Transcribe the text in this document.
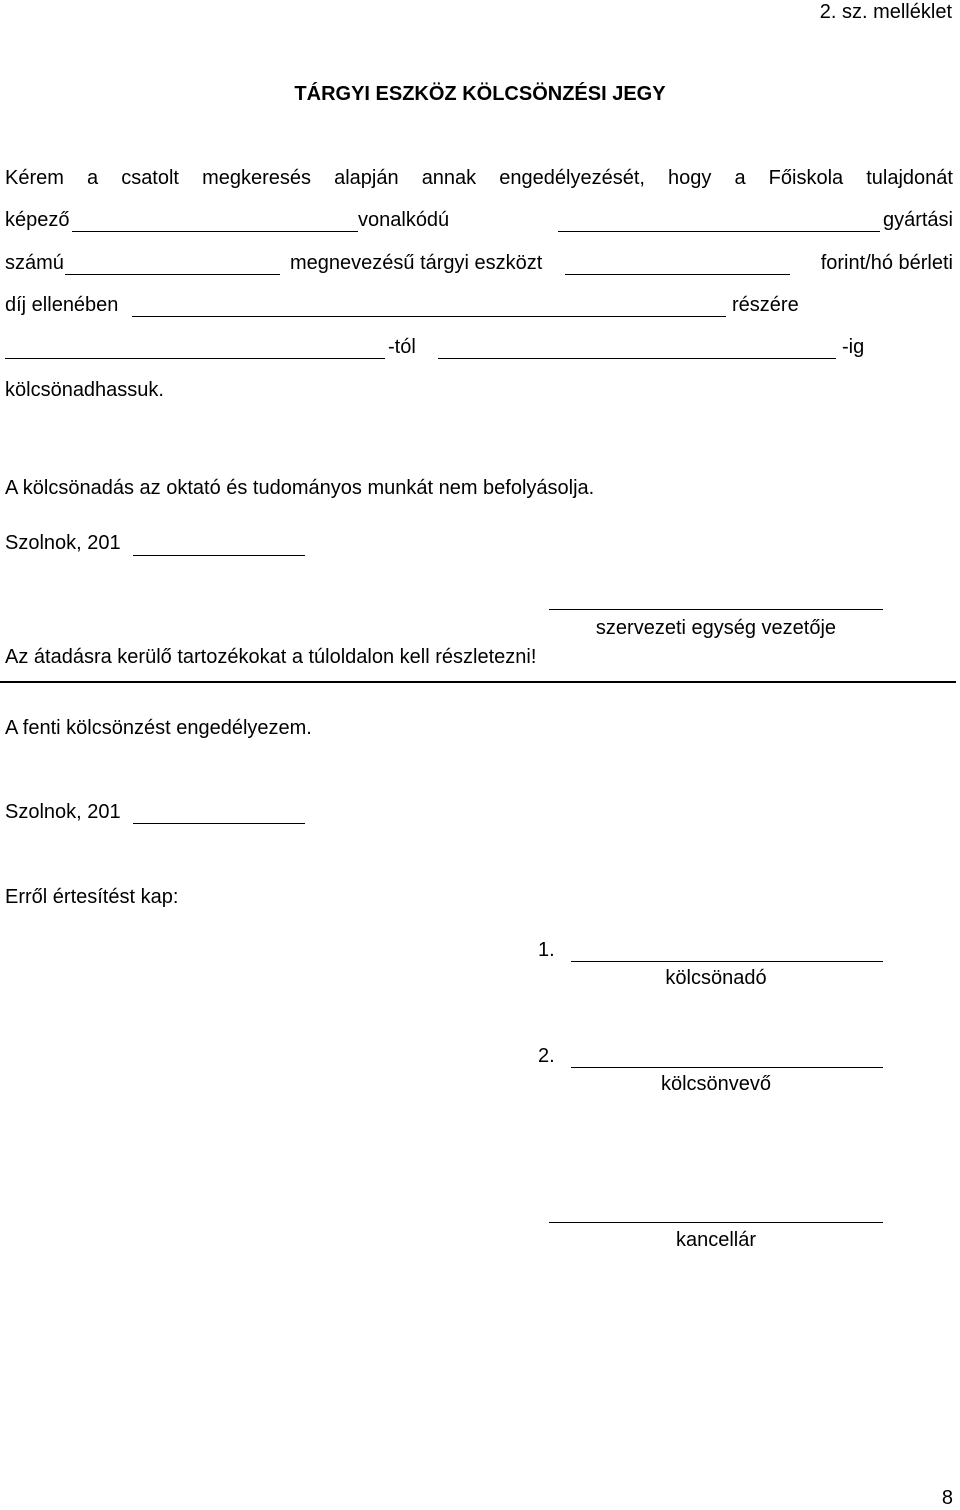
2. sz. melléklet
TÁRGYI ESZKÖZ KÖLCSÖNZÉSI JEGY
Kérem a csatolt megkeresés alapján annak engedélyezését, hogy a Főiskola tulajdonát
képező	vonalkódú	gyártási
számú	megnevezésű tárgyi eszközt	forint/hó bérleti
díj ellenében	részére
-tól	-ig
kölcsönadhassuk.
A kölcsönadás az oktató és tudományos munkát nem befolyásolja.
Szolnok, 201
szervezeti egység vezetője
Az átadásra kerülő tartozékokat a túloldalon kell részletezni!
A fenti kölcsönzést engedélyezem.
Szolnok, 201
Erről értesítést kap:
1.
kölcsönadó
2.
kölcsönvevő
kancellár
8
